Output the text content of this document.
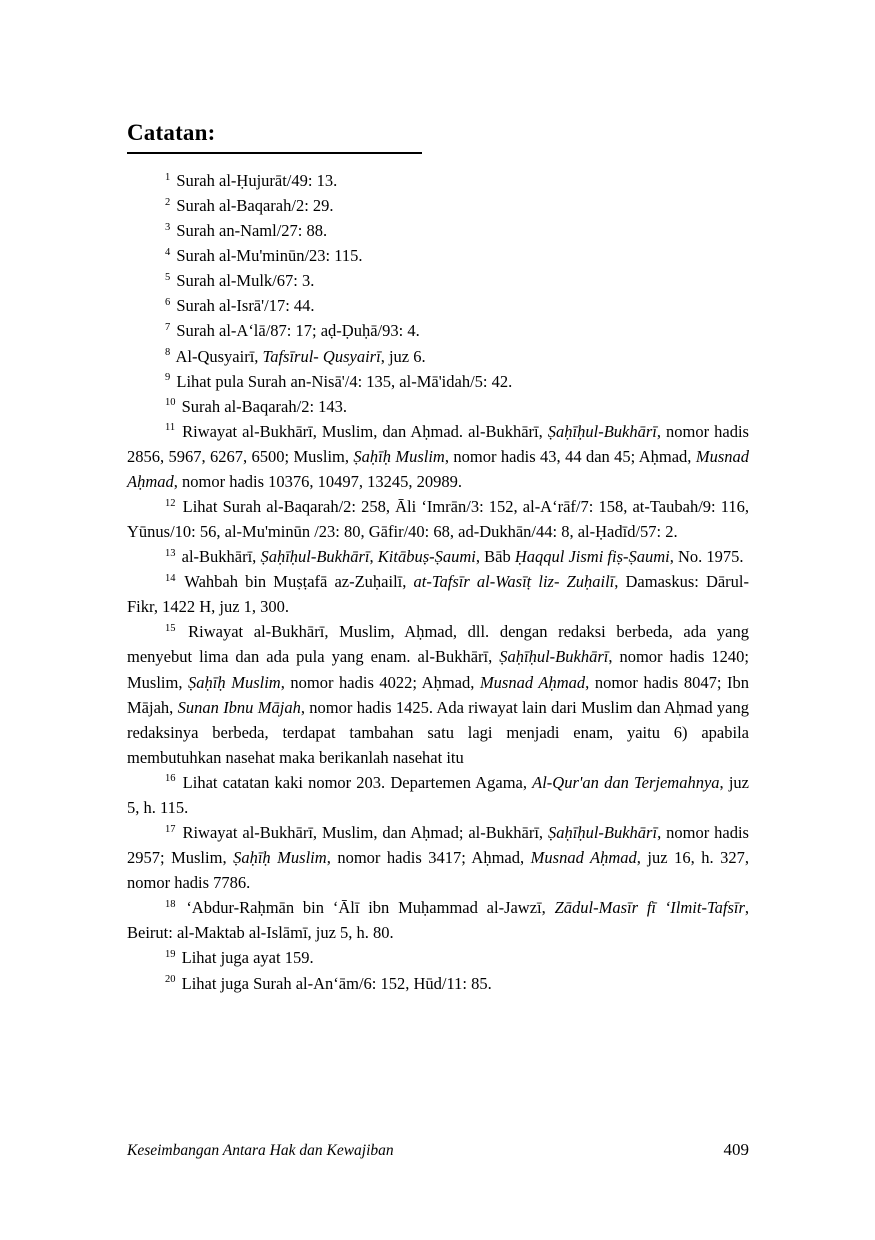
Catatan:

$^1$ Surah al-Ḥujurāt/49: 13.

$^2$ Surah al-Baqarah/2: 29.

$^3$ Surah an-Naml/27: 88.

$^4$ Surah al-Mu'minūn/23: 115.

$^5$ Surah al-Mulk/67: 3.

$^6$ Surah al-Isrā'/17: 44.

$^7$ Surah al-A‘lā/87: 17; aḍ-Ḍuḥā/93: 4.

$^8$ Al-Qusyairī, Tafsīrul- Qusyairī, juz 6.

$^9$ Lihat pula Surah an-Nisā'/4: 135, al-Mā'idah/5: 42.

$^{10}$ Surah al-Baqarah/2: 143.

$^{11}$ Riwayat al-Bukhārī, Muslim, dan Aḥmad. al-Bukhārī, Ṣaḥīḥul-Bukhārī, nomor hadis 2856, 5967, 6267, 6500; Muslim, Ṣaḥīḥ Muslim, nomor hadis 43, 44 dan 45; Aḥmad, Musnad Aḥmad, nomor hadis 10376, 10497, 13245, 20989.

$^{12}$ Lihat Surah al-Baqarah/2: 258, Āli ‘Imrān/3: 152, al-A‘rāf/7: 158, at-Taubah/9: 116, Yūnus/10: 56, al-Mu'minūn /23: 80, Gāfir/40: 68, ad-Dukhān/44: 8, al-Ḥadīd/57: 2.

$^{13}$ al-Bukhārī, Ṣaḥīḥul-Bukhārī, Kitābuṣ-Ṣaumi, Bāb Ḥaqqul Jismi fiṣ-Ṣaumi, No. 1975.

$^{14}$ Wahbah bin Muṣṭafā az-Zuḥailī, at-Tafsīr al-Wasīṭ liz- Zuḥailī, Damaskus: Dārul-Fikr, 1422 H, juz 1, 300.

$^{15}$ Riwayat al-Bukhārī, Muslim, Aḥmad, dll. dengan redaksi berbeda, ada yang menyebut lima dan ada pula yang enam. al-Bukhārī, Ṣaḥīḥul-Bukhārī, nomor hadis 1240; Muslim, Ṣaḥīḥ Muslim, nomor hadis 4022; Aḥmad, Musnad Aḥmad, nomor hadis 8047; Ibn Mājah, Sunan Ibnu Mājah, nomor hadis 1425. Ada riwayat lain dari Muslim dan Aḥmad yang redaksinya berbeda, terdapat tambahan satu lagi menjadi enam, yaitu 6) apabila membutuhkan nasehat maka berikanlah nasehat itu

$^{16}$ Lihat catatan kaki nomor 203. Departemen Agama, Al-Qur'an dan Terjemahnya, juz 5, h. 115.

$^{17}$ Riwayat al-Bukhārī, Muslim, dan Aḥmad; al-Bukhārī, Ṣaḥīḥul-Bukhārī, nomor hadis 2957; Muslim, Ṣaḥīḥ Muslim, nomor hadis 3417; Aḥmad, Musnad Aḥmad, juz 16, h. 327, nomor hadis 7786.

$^{18}$ ‘Abdur-Raḥmān bin ‘Ālī ibn Muḥammad al-Jawzī, Zādul-Masīr fī ‘Ilmit-Tafsīr, Beirut: al-Maktab al-Islāmī, juz 5, h. 80.

$^{19}$ Lihat juga ayat 159.

$^{20}$ Lihat juga Surah al-An‘ām/6: 152, Hūd/11: 85.

Keseimbangan Antara Hak dan Kewajiban	409
